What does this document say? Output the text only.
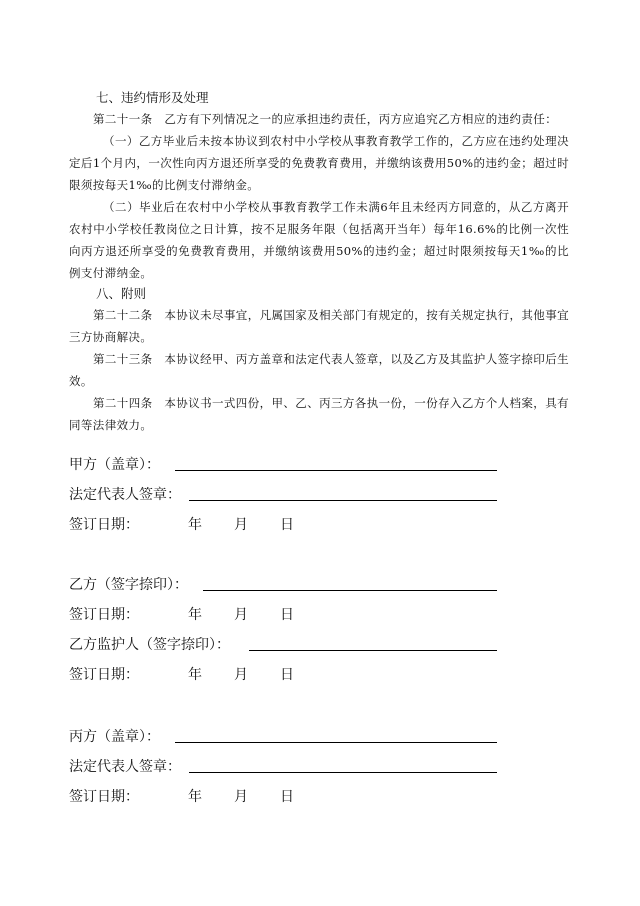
七、违约情形及处理

第二十一条　乙方有下列情况之一的应承担违约责任，丙方应追究乙方相应的违约责任：

（一）乙方毕业后未按本协议到农村中小学校从事教育教学工作的，乙方应在违约处理决定后1个月内，一次性向丙方退还所享受的免费教育费用，并缴纳该费用50%的违约金；超过时限须按每天1‰的比例支付滞纳金。

（二）毕业后在农村中小学校从事教育教学工作未满6年且未经丙方同意的，从乙方离开农村中小学校任教岗位之日计算，按不足服务年限（包括离开当年）每年16.6%的比例一次性向丙方退还所享受的免费教育费用，并缴纳该费用50%的违约金；超过时限须按每天1‰的比例支付滞纳金。

八、附则

第二十二条　本协议未尽事宜，凡属国家及相关部门有规定的，按有关规定执行，其他事宜三方协商解决。

第二十三条　本协议经甲、丙方盖章和法定代表人签章，以及乙方及其监护人签字捺印后生效。

第二十四条　本协议书一式四份，甲、乙、丙三方各执一份，一份存入乙方个人档案，具有同等法律效力。

甲方（盖章）：
法定代表人签章：
签订日期：	年 月 日
乙方（签字捺印）：
签订日期：	年 月 日
乙方监护人（签字捺印）：
签订日期：	年 月 日
丙方（盖章）：
法定代表人签章：
签订日期：	年 月 日
